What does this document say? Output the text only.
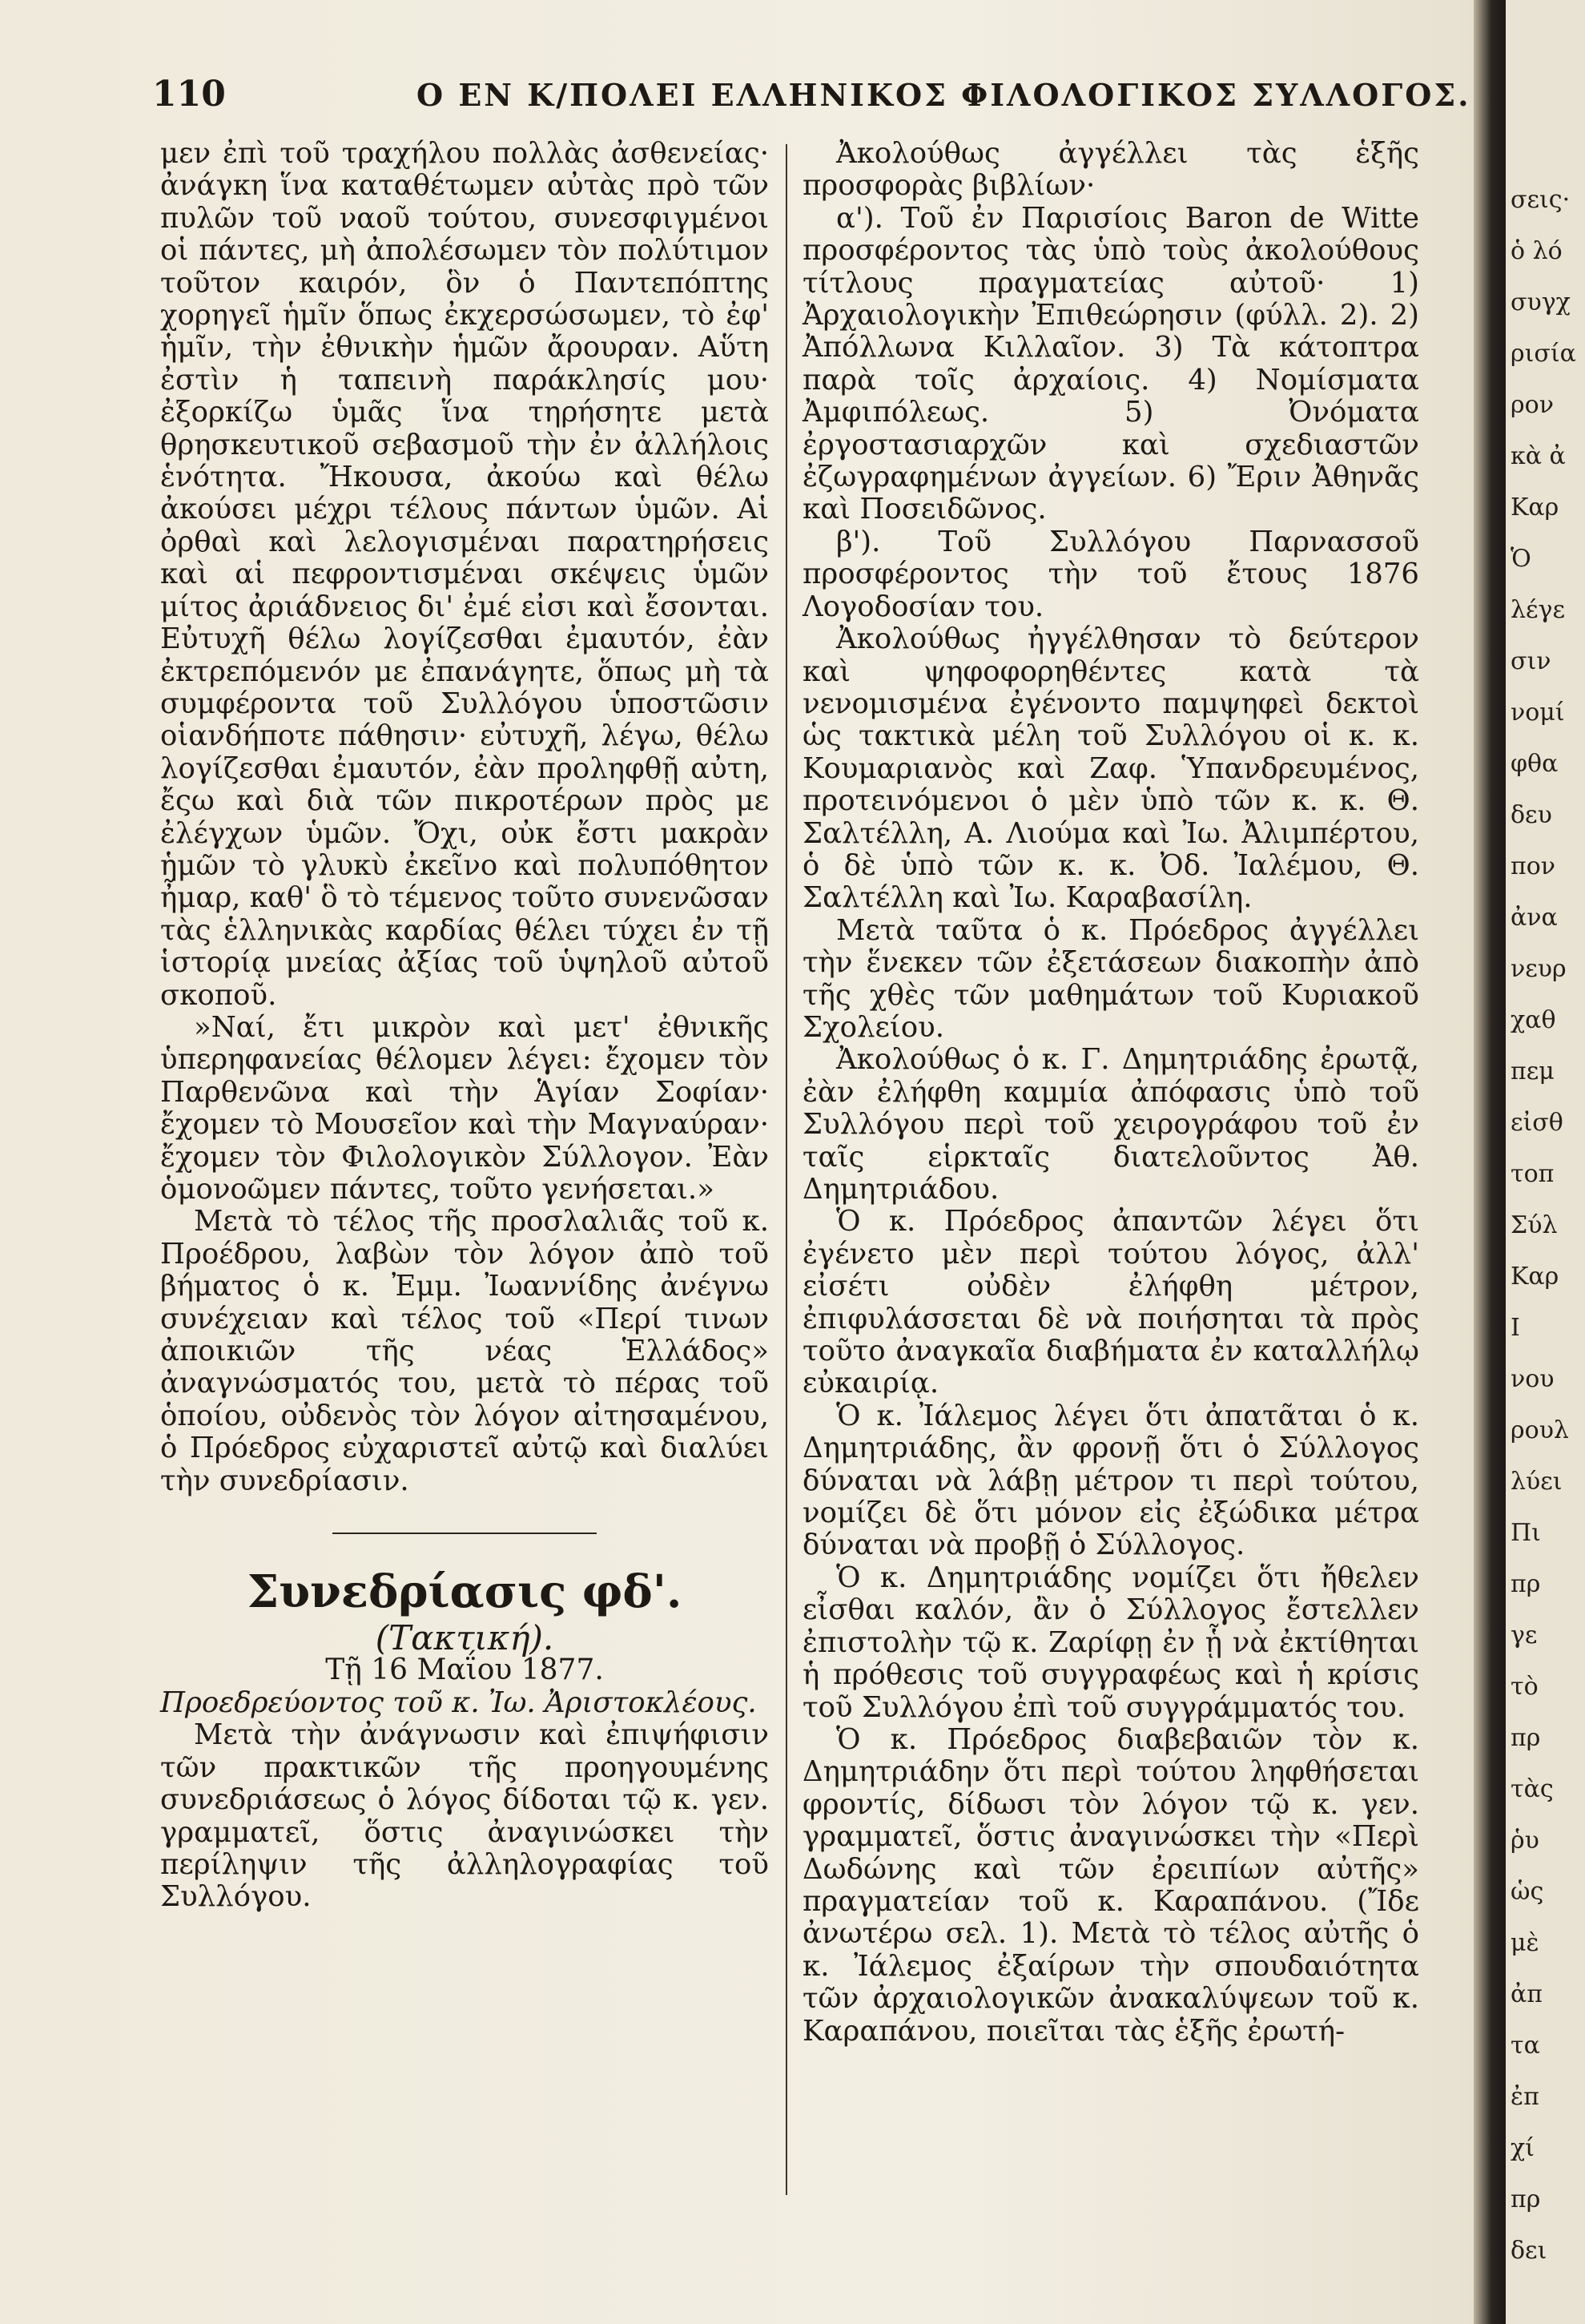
110	Ο ΕΝ Κ/ΠΟΛΕΙ ΕΛΛΗΝΙΚΟΣ ΦΙΛΟΛΟΓΙΚΟΣ ΣΥΛΛΟΓΟΣ.

μεν ἐπὶ τοῦ τραχήλου πολλὰς ἀσθενείας· ἀνάγκη ἵνα καταθέτωμεν αὐτὰς πρὸ τῶν πυλῶν τοῦ ναοῦ τούτου, συνεσφιγμένοι οἱ πάντες, μὴ ἀπολέσωμεν τὸν πολύτιμον τοῦτον καιρόν, ὃν ὁ Παντεπόπτης χορηγεῖ ἡμῖν ὅπως ἐκχερσώσωμεν, τὸ ἐφ' ἡμῖν, τὴν ἐθνικὴν ἡμῶν ἄρουραν. Αὕτη ἐστὶν ἡ ταπεινὴ παράκλησίς μου· ἐξορκίζω ὑμᾶς ἵνα τηρήσητε μετὰ θρησκευτικοῦ σεβασμοῦ τὴν ἐν ἀλλήλοις ἑνότητα. Ἤκουσα, ἀκούω καὶ θέλω ἀκούσει μέχρι τέλους πάντων ὑμῶν. Αἱ ὀρθαὶ καὶ λελογισμέναι παρατηρήσεις καὶ αἱ πεφροντισμέναι σκέψεις ὑμῶν μίτος ἀριάδνειος δι' ἐμέ εἰσι καὶ ἔσονται. Εὐτυχῆ θέλω λογίζεσθαι ἐμαυτόν, ἐὰν ἐκτρεπόμενόν με ἐπανάγητε, ὅπως μὴ τὰ συμφέροντα τοῦ Συλλόγου ὑποστῶσιν οἱανδήποτε πάθησιν· εὐτυχῆ, λέγω, θέλω λογίζεσθαι ἐμαυτόν, ἐὰν προληφθῇ αὐτη, ἔςω καὶ διὰ τῶν πικροτέρων πρὸς με ἐλέγχων ὑμῶν. Ὄχι, οὐκ ἔστι μακρὰν ἡμῶν τὸ γλυκὺ ἐκεῖνο καὶ πολυπόθητον ἦμαρ, καθ' ὃ τὸ τέμενος τοῦτο συνενῶσαν τὰς ἑλληνικὰς καρδίας θέλει τύχει ἐν τῇ ἱστορίᾳ μνείας ἀξίας τοῦ ὑψηλοῦ αὐτοῦ σκοποῦ.

»Ναί, ἔτι μικρὸν καὶ μετ' ἐθνικῆς ὑπερηφανείας θέλομεν λέγει: ἔχομεν τὸν Παρθενῶνα καὶ τὴν Ἁγίαν Σοφίαν· ἔχομεν τὸ Μουσεῖον καὶ τὴν Μαγναύραν· ἔχομεν τὸν Φιλολογικὸν Σύλλογον. Ἐὰν ὁμονοῶμεν πάντες, τοῦτο γενήσεται.»

Μετὰ τὸ τέλος τῆς προσλαλιᾶς τοῦ κ. Προέδρου, λαβὼν τὸν λόγον ἀπὸ τοῦ βήματος ὁ κ. Ἐμμ. Ἰωαννίδης ἀνέγνω συνέχειαν καὶ τέλος τοῦ «Περί τινων ἀποικιῶν τῆς νέας Ἑλλάδος» ἀναγνώσματός του, μετὰ τὸ πέρας τοῦ ὁποίου, οὐδενὸς τὸν λόγον αἰτησαμένου, ὁ Πρόεδρος εὐχαριστεῖ αὐτῷ καὶ διαλύει τὴν συνεδρίασιν.

Συνεδρίασις φδ'.

(Τακτική).

Τῇ 16 Μαΐου 1877.

Προεδρεύοντος τοῦ κ. Ἰω. Ἀριστοκλέους.

Μετὰ τὴν ἀνάγνωσιν καὶ ἐπιψήφισιν τῶν πρακτικῶν τῆς προηγουμένης συνεδριάσεως ὁ λόγος δίδοται τῷ κ. γεν. γραμματεῖ, ὅστις ἀναγινώσκει τὴν περίληψιν τῆς ἀλληλογραφίας τοῦ Συλλόγου.

Ἀκολούθως ἀγγέλλει τὰς ἑξῆς προσφορὰς βιβλίων·

α'). Τοῦ ἐν Παρισίοις Baron de Witte προσφέροντος τὰς ὑπὸ τοὺς ἀκολούθους τίτλους πραγματείας αὐτοῦ· 1) Ἀρχαιολογικὴν Ἐπιθεώρησιν (φύλλ. 2). 2) Ἀπόλλωνα Κιλλαῖον. 3) Τὰ κάτοπτρα παρὰ τοῖς ἀρχαίοις. 4) Νομίσματα Ἀμφιπόλεως. 5) Ὀνόματα ἐργοστασιαρχῶν καὶ σχεδιαστῶν ἐζωγραφημένων ἀγγείων. 6) Ἔριν Ἀθηνᾶς καὶ Ποσειδῶνος.

β'). Τοῦ Συλλόγου Παρνασσοῦ προσφέροντος τὴν τοῦ ἔτους 1876 Λογοδοσίαν του.

Ἀκολούθως ἠγγέλθησαν τὸ δεύτερον καὶ ψηφοφορηθέντες κατὰ τὰ νενομισμένα ἐγένοντο παμψηφεὶ δεκτοὶ ὡς τακτικὰ μέλη τοῦ Συλλόγου οἱ κ. κ. Κουμαριανὸς καὶ Ζαφ. Ὑπανδρευμένος, προτεινόμενοι ὁ μὲν ὑπὸ τῶν κ. κ. Θ. Σαλτέλλη, Α. Λιούμα καὶ Ἰω. Ἀλιμπέρτου, ὁ δὲ ὑπὸ τῶν κ. κ. Ὀδ. Ἰαλέμου, Θ. Σαλτέλλη καὶ Ἰω. Καραβασίλη.

Μετὰ ταῦτα ὁ κ. Πρόεδρος ἀγγέλλει τὴν ἕνεκεν τῶν ἐξετάσεων διακοπὴν ἀπὸ τῆς χθὲς τῶν μαθημάτων τοῦ Κυριακοῦ Σχολείου.

Ἀκολούθως ὁ κ. Γ. Δημητριάδης ἐρωτᾷ, ἐὰν ἐλήφθη καμμία ἀπόφασις ὑπὸ τοῦ Συλλόγου περὶ τοῦ χειρογράφου τοῦ ἐν ταῖς εἱρκταῖς διατελοῦντος Ἀθ. Δημητριάδου.

Ὁ κ. Πρόεδρος ἀπαντῶν λέγει ὅτι ἐγένετο μὲν περὶ τούτου λόγος, ἀλλ' εἰσέτι οὐδὲν ἐλήφθη μέτρον, ἐπιφυλάσσεται δὲ νὰ ποιήσηται τὰ πρὸς τοῦτο ἀναγκαῖα διαβήματα ἐν καταλλήλῳ εὐκαιρίᾳ.

Ὁ κ. Ἰάλεμος λέγει ὅτι ἀπατᾶται ὁ κ. Δημητριάδης, ἂν φρονῇ ὅτι ὁ Σύλλογος δύναται νὰ λάβῃ μέτρον τι περὶ τούτου, νομίζει δὲ ὅτι μόνον εἰς ἐξώδικα μέτρα δύναται νὰ προβῇ ὁ Σύλλογος.

Ὁ κ. Δημητριάδης νομίζει ὅτι ἤθελεν εἶσθαι καλόν, ἂν ὁ Σύλλογος ἔστελλεν ἐπιστολὴν τῷ κ. Ζαρίφῃ ἐν ᾗ νὰ ἐκτίθηται ἡ πρόθεσις τοῦ συγγραφέως καὶ ἡ κρίσις τοῦ Συλλόγου ἐπὶ τοῦ συγγράμματός του.

Ὁ κ. Πρόεδρος διαβεβαιῶν τὸν κ. Δημητριάδην ὅτι περὶ τούτου ληφθήσεται φροντίς, δίδωσι τὸν λόγον τῷ κ. γεν. γραμματεῖ, ὅστις ἀναγινώσκει τὴν «Περὶ Δωδώνης καὶ τῶν ἐρειπίων αὐτῆς» πραγματείαν τοῦ κ. Καραπάνου. (Ἴδε ἀνωτέρω σελ. 1). Μετὰ τὸ τέλος αὐτῆς ὁ κ. Ἰάλεμος ἐξαίρων τὴν σπουδαιότητα τῶν ἀρχαιολογικῶν ἀνακαλύψεων τοῦ κ. Καραπάνου, ποιεῖται τὰς ἑξῆς ἐρωτή-

σεις·
ὁ λό
συγχ
ρισία
ρον
κὰ ἀ
Καρ
Ὁ
λέγε
σιν
νομί
φθα
δευ
πον
ἀνα
νευρ
χαθ
πεμ
εἰσθ
τοπ
Σύλ
Καρ
Ι
νου
ρουλ
λύει
Πι
πρ
γε
τὸ
πρ
τὰς
ῥυ
ὡς
μὲ
ἀπ
τα
ἐπ
χί
πρ
δει
